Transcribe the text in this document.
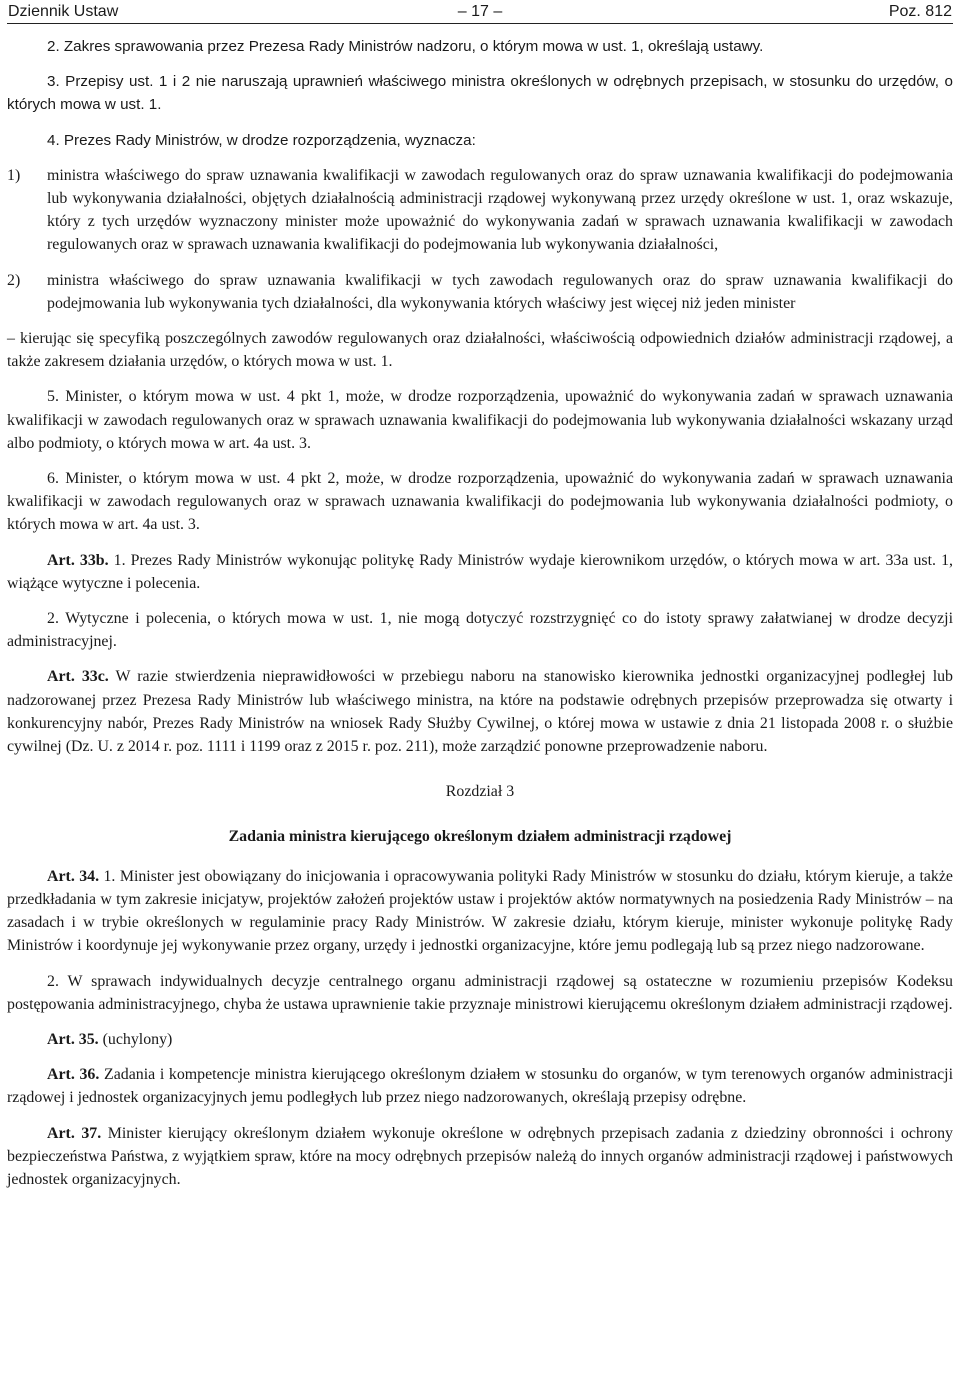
Dziennik Ustaw	– 17 –	Poz. 812

2. Zakres sprawowania przez Prezesa Rady Ministrów nadzoru, o którym mowa w ust. 1, określają ustawy.

3. Przepisy ust. 1 i 2 nie naruszają uprawnień właściwego ministra określonych w odrębnych przepisach, w stosunku do urzędów, o których mowa w ust. 1.

4. Prezes Rady Ministrów, w drodze rozporządzenia, wyznacza:

1)	ministra właściwego do spraw uznawania kwalifikacji w zawodach regulowanych oraz do spraw uznawania kwalifikacji do podejmowania lub wykonywania działalności, objętych działalnością administracji rządowej wykonywaną przez urzędy określone w ust. 1, oraz wskazuje, który z tych urzędów wyznaczony minister może upoważnić do wykonywania zadań w sprawach uznawania kwalifikacji w zawodach regulowanych oraz w sprawach uznawania kwalifikacji do podejmowania lub wykonywania działalności,
2)	ministra właściwego do spraw uznawania kwalifikacji w tych zawodach regulowanych oraz do spraw uznawania kwalifikacji do podejmowania lub wykonywania tych działalności, dla wykonywania których właściwy jest więcej niż jeden minister

– kierując się specyfiką poszczególnych zawodów regulowanych oraz działalności, właściwością odpowiednich działów administracji rządowej, a także zakresem działania urzędów, o których mowa w ust. 1.

5. Minister, o którym mowa w ust. 4 pkt 1, może, w drodze rozporządzenia, upoważnić do wykonywania zadań w sprawach uznawania kwalifikacji w zawodach regulowanych oraz w sprawach uznawania kwalifikacji do podejmowania lub wykonywania działalności wskazany urząd albo podmioty, o których mowa w art. 4a ust. 3.

6. Minister, o którym mowa w ust. 4 pkt 2, może, w drodze rozporządzenia, upoważnić do wykonywania zadań w sprawach uznawania kwalifikacji w zawodach regulowanych oraz w sprawach uznawania kwalifikacji do podejmowania lub wykonywania działalności podmioty, o których mowa w art. 4a ust. 3.

Art. 33b. 1. Prezes Rady Ministrów wykonując politykę Rady Ministrów wydaje kierownikom urzędów, o których mowa w art. 33a ust. 1, wiążące wytyczne i polecenia.

2. Wytyczne i polecenia, o których mowa w ust. 1, nie mogą dotyczyć rozstrzygnięć co do istoty sprawy załatwianej w drodze decyzji administracyjnej.

Art. 33c. W razie stwierdzenia nieprawidłowości w przebiegu naboru na stanowisko kierownika jednostki organizacyjnej podległej lub nadzorowanej przez Prezesa Rady Ministrów lub właściwego ministra, na które na podstawie odrębnych przepisów przeprowadza się otwarty i konkurencyjny nabór, Prezes Rady Ministrów na wniosek Rady Służby Cywilnej, o której mowa w ustawie z dnia 21 listopada 2008 r. o służbie cywilnej (Dz. U. z 2014 r. poz. 1111 i 1199 oraz z 2015 r. poz. 211), może zarządzić ponowne przeprowadzenie naboru.

Rozdział 3

Zadania ministra kierującego określonym działem administracji rządowej

Art. 34. 1. Minister jest obowiązany do inicjowania i opracowywania polityki Rady Ministrów w stosunku do działu, którym kieruje, a także przedkładania w tym zakresie inicjatyw, projektów założeń projektów ustaw i projektów aktów normatywnych na posiedzenia Rady Ministrów – na zasadach i w trybie określonych w regulaminie pracy Rady Ministrów. W zakresie działu, którym kieruje, minister wykonuje politykę Rady Ministrów i koordynuje jej wykonywanie przez organy, urzędy i jednostki organizacyjne, które jemu podlegają lub są przez niego nadzorowane.

2. W sprawach indywidualnych decyzje centralnego organu administracji rządowej są ostateczne w rozumieniu przepisów Kodeksu postępowania administracyjnego, chyba że ustawa uprawnienie takie przyznaje ministrowi kierującemu określonym działem administracji rządowej.

Art. 35. (uchylony)

Art. 36. Zadania i kompetencje ministra kierującego określonym działem w stosunku do organów, w tym terenowych organów administracji rządowej i jednostek organizacyjnych jemu podległych lub przez niego nadzorowanych, określają przepisy odrębne.

Art. 37. Minister kierujący określonym działem wykonuje określone w odrębnych przepisach zadania z dziedziny obronności i ochrony bezpieczeństwa Państwa, z wyjątkiem spraw, które na mocy odrębnych przepisów należą do innych organów administracji rządowej i państwowych jednostek organizacyjnych.
